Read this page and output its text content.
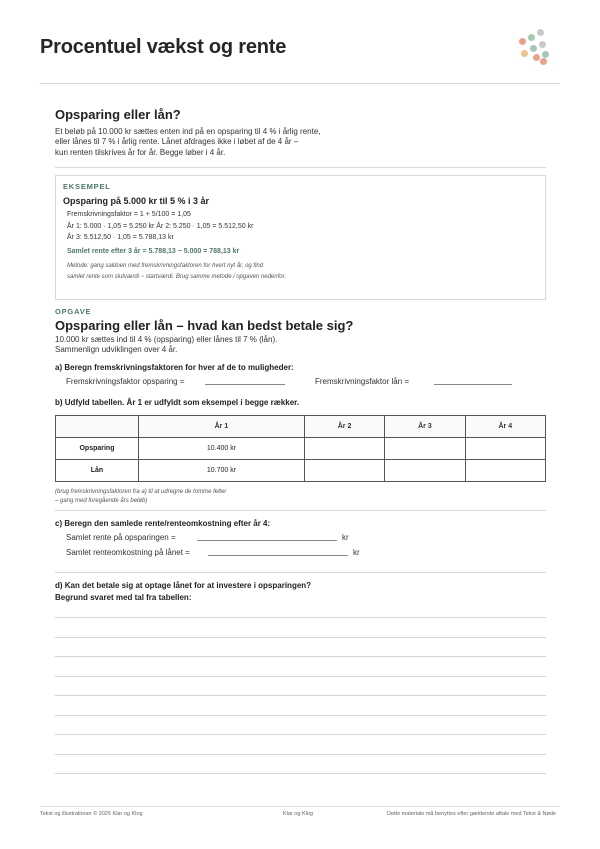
Procentuel vækst og rente
Opsparing eller lån?
Et beløb på 10.000 kr sættes enten ind på en opsparing til 4 % i årlig rente,
eller lånes til 7 % i årlig rente. Lånet afdrages ikke i løbet af de 4 år –
kun renten tilskrives år for år. Begge løber i 4 år.
EKSEMPEL
Opsparing på 5.000 kr til 5 % i 3 år
Fremskrivningsfaktor = 1 + 5/100 = 1,05
År 1: 5.000 · 1,05 = 5.250 kr År 2: 5.250 · 1,05 = 5.512,50 kr
År 3: 5.512,50 · 1,05 = 5.788,13 kr
Samlet rente efter 3 år = 5.788,13 − 5.000 = 788,13 kr
Metode: gang saldoen med fremskrivningsfaktoren for hvert nyt år, og find
samlet rente som slutværdi − startværdi. Brug samme metode i opgaven nedenfor.
OPGAVE
Opsparing eller lån – hvad kan bedst betale sig?
10.000 kr sættes ind til 4 % (opsparing) eller lånes til 7 % (lån).
Sammenlign udviklingen over 4 år.
a) Beregn fremskrivningsfaktoren for hver af de to muligheder:
Fremskrivningsfaktor opsparing =	Fremskrivningsfaktor lån =
b) Udfyld tabellen. År 1 er udfyldt som eksempel i begge rækker.
	År 1	År 2	År 3	År 4
Opsparing	10.400 kr			
Lån	10.700 kr			
(brug fremskrivningsfaktoren fra a) til at udregne de tomme felter
– gang med foregående års beløb)
c) Beregn den samlede rente/renteomkostning efter år 4:
Samlet rente på opsparingen =	kr
Samlet renteomkostning på lånet =	kr
d) Kan det betale sig at optage lånet for at investere i opsparingen?
Begrund svaret med tal fra tabellen:
Tekst og illustrationer © 2025 Klar og Klog	Klar og Klog	Dette materiale må benyttes efter gældende aftale med Tekst & Nøde
